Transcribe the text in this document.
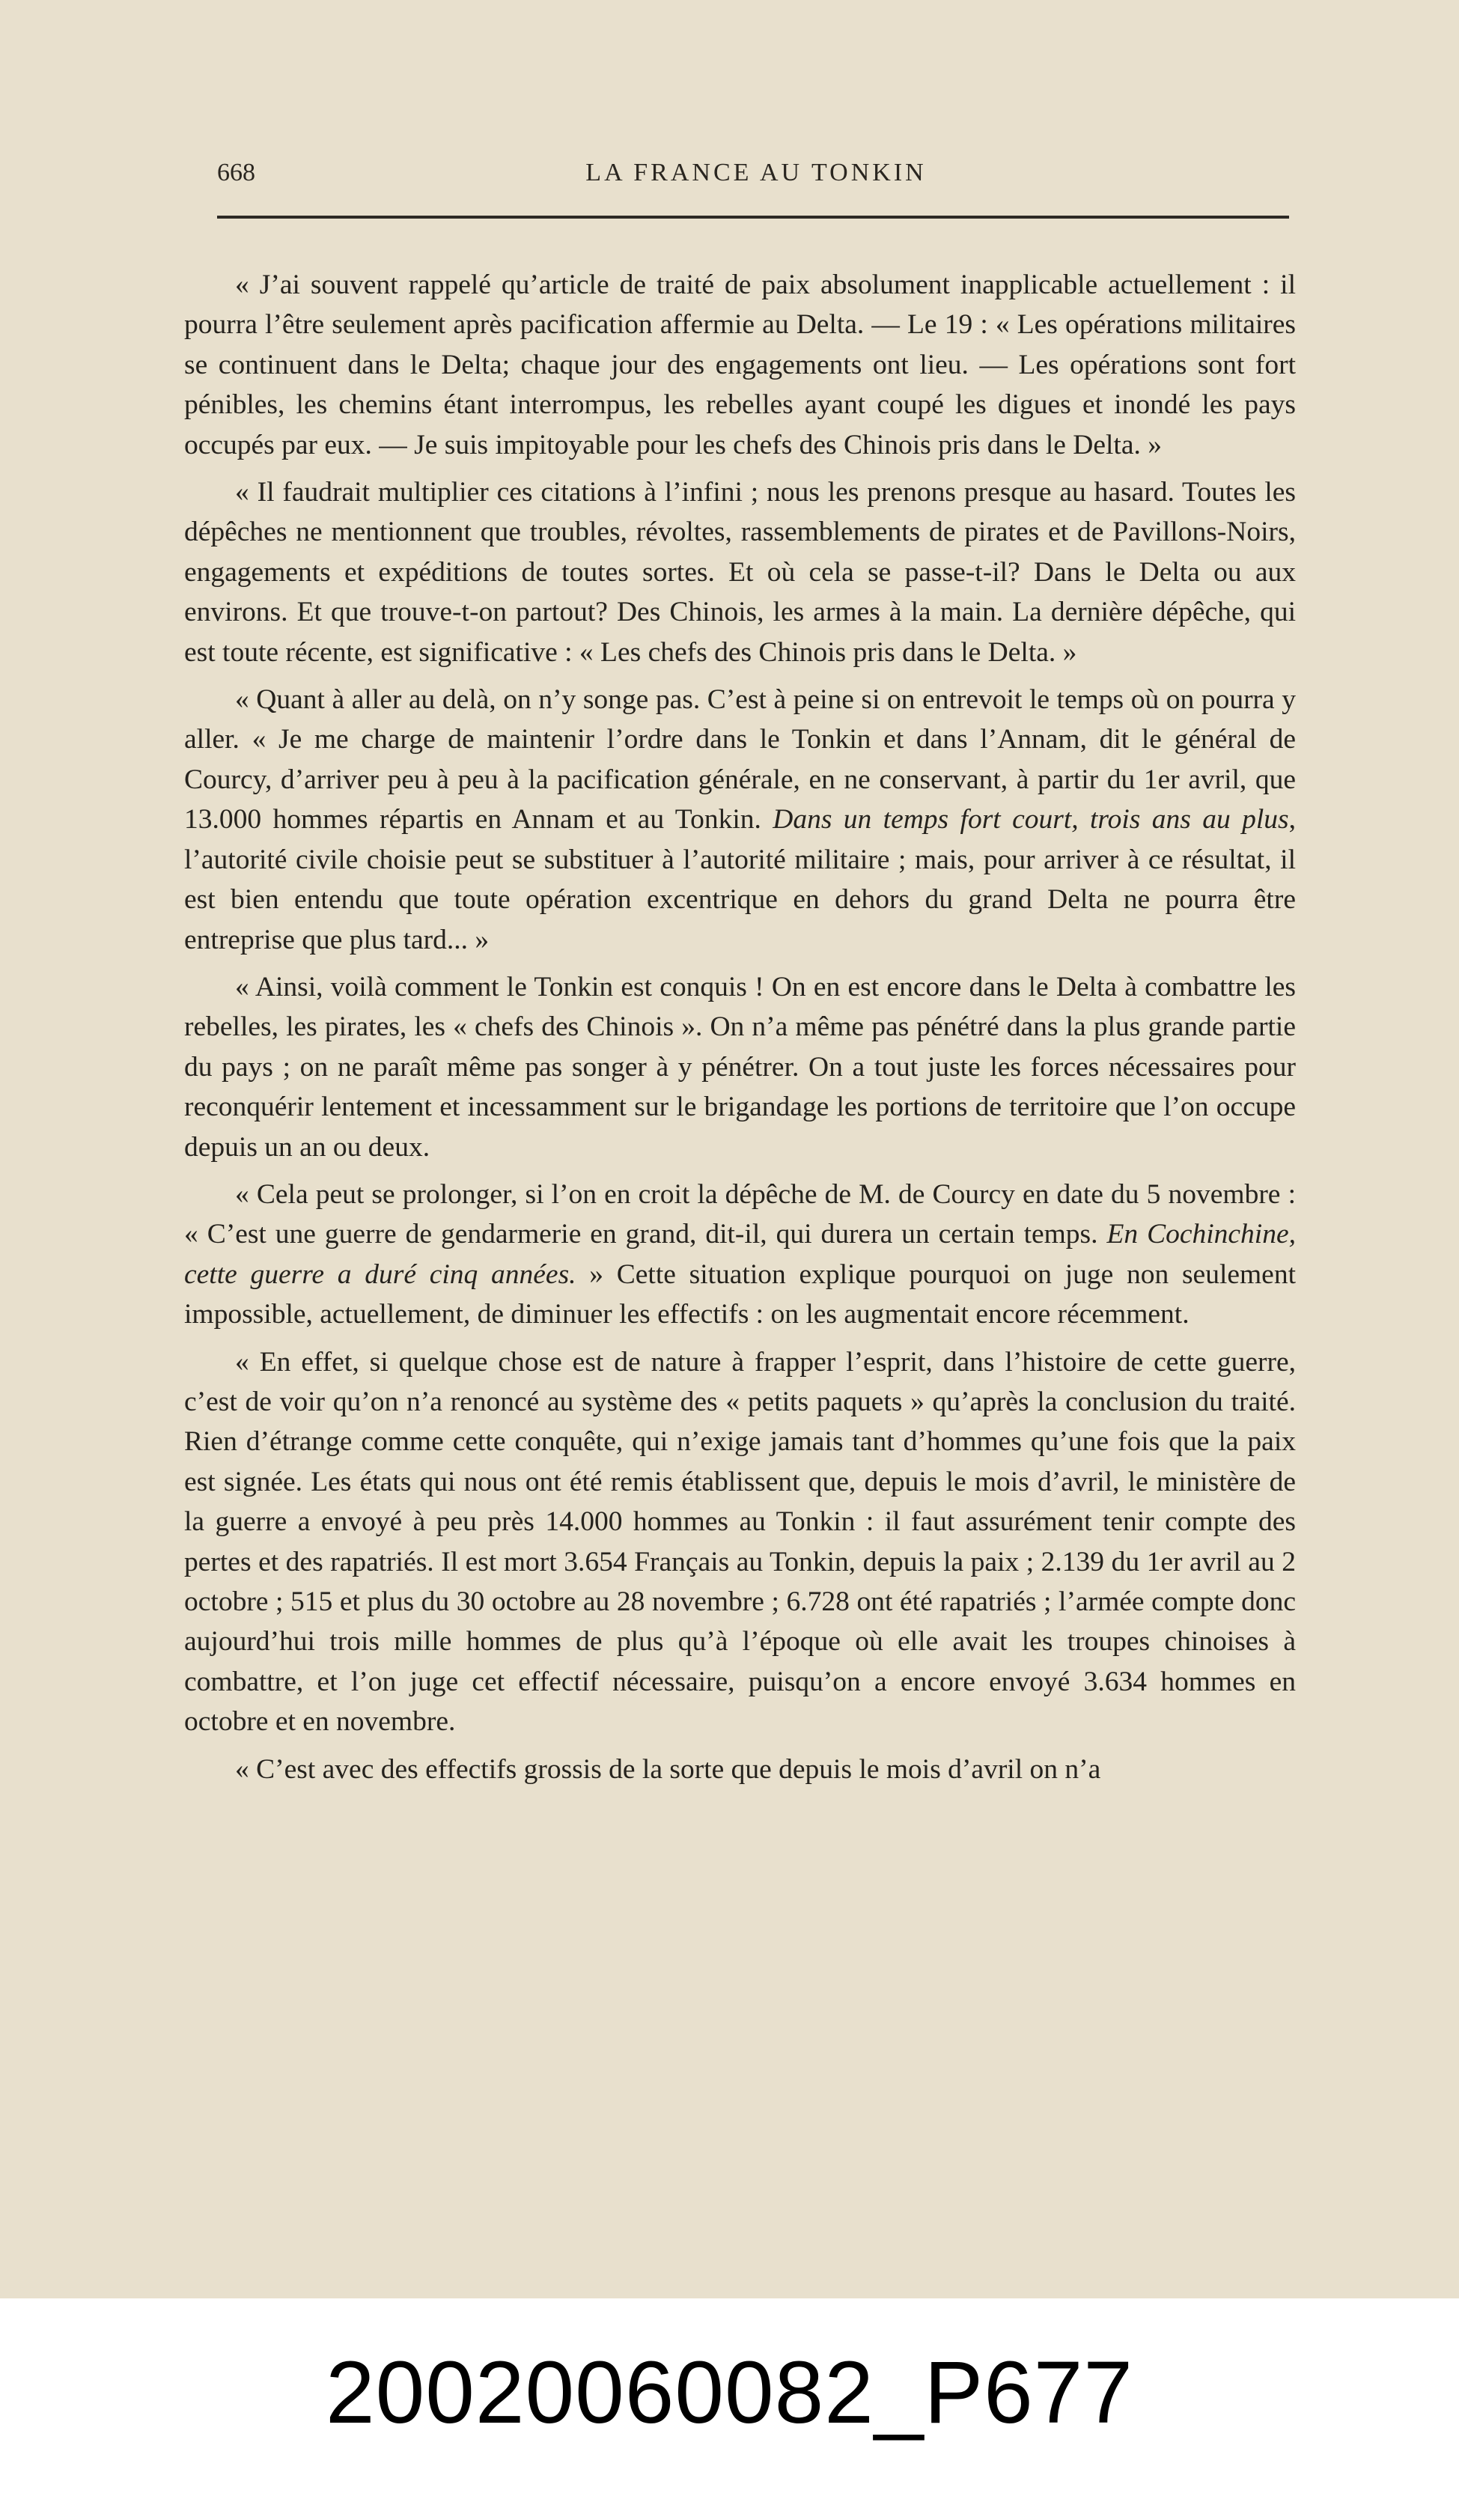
668	LA FRANCE AU TONKIN

« J’ai souvent rappelé qu’article de traité de paix absolument inapplicable actuellement : il pourra l’être seulement après pacification affermie au Delta. — Le 19 : « Les opérations militaires se continuent dans le Delta; chaque jour des engagements ont lieu. — Les opérations sont fort pénibles, les chemins étant interrompus, les rebelles ayant coupé les digues et inondé les pays occupés par eux. — Je suis impitoyable pour les chefs des Chinois pris dans le Delta. »

« Il faudrait multiplier ces citations à l’infini ; nous les prenons presque au hasard. Toutes les dépêches ne mentionnent que troubles, révoltes, rassemblements de pirates et de Pavillons-Noirs, engagements et expéditions de toutes sortes. Et où cela se passe-t-il? Dans le Delta ou aux environs. Et que trouve-t-on partout? Des Chinois, les armes à la main. La dernière dépêche, qui est toute récente, est significative : « Les chefs des Chinois pris dans le Delta. »

« Quant à aller au delà, on n’y songe pas. C’est à peine si on entrevoit le temps où on pourra y aller. « Je me charge de maintenir l’ordre dans le Tonkin et dans l’Annam, dit le général de Courcy, d’arriver peu à peu à la pacification générale, en ne conservant, à partir du 1er avril, que 13.000 hommes répartis en Annam et au Tonkin. Dans un temps fort court, trois ans au plus, l’autorité civile choisie peut se substituer à l’autorité militaire ; mais, pour arriver à ce résultat, il est bien entendu que toute opération excentrique en dehors du grand Delta ne pourra être entreprise que plus tard... »

« Ainsi, voilà comment le Tonkin est conquis ! On en est encore dans le Delta à combattre les rebelles, les pirates, les « chefs des Chinois ». On n’a même pas pénétré dans la plus grande partie du pays ; on ne paraît même pas songer à y pénétrer. On a tout juste les forces nécessaires pour reconquérir lentement et incessamment sur le brigandage les portions de territoire que l’on occupe depuis un an ou deux.

« Cela peut se prolonger, si l’on en croit la dépêche de M. de Courcy en date du 5 novembre : « C’est une guerre de gendarmerie en grand, dit-il, qui durera un certain temps. En Cochinchine, cette guerre a duré cinq années. » Cette situation explique pourquoi on juge non seulement impossible, actuellement, de diminuer les effectifs : on les augmentait encore récemment.

« En effet, si quelque chose est de nature à frapper l’esprit, dans l’histoire de cette guerre, c’est de voir qu’on n’a renoncé au système des « petits paquets » qu’après la conclusion du traité. Rien d’étrange comme cette conquête, qui n’exige jamais tant d’hommes qu’une fois que la paix est signée. Les états qui nous ont été remis établissent que, depuis le mois d’avril, le ministère de la guerre a envoyé à peu près 14.000 hommes au Tonkin : il faut assurément tenir compte des pertes et des rapatriés. Il est mort 3.654 Français au Tonkin, depuis la paix ; 2.139 du 1er avril au 2 octobre ; 515 et plus du 30 octobre au 28 novembre ; 6.728 ont été rapatriés ; l’armée compte donc aujourd’hui trois mille hommes de plus qu’à l’époque où elle avait les troupes chinoises à combattre, et l’on juge cet effectif nécessaire, puisqu’on a encore envoyé 3.634 hommes en octobre et en novembre.

« C’est avec des effectifs grossis de la sorte que depuis le mois d’avril on n’a

20020060082_P677
